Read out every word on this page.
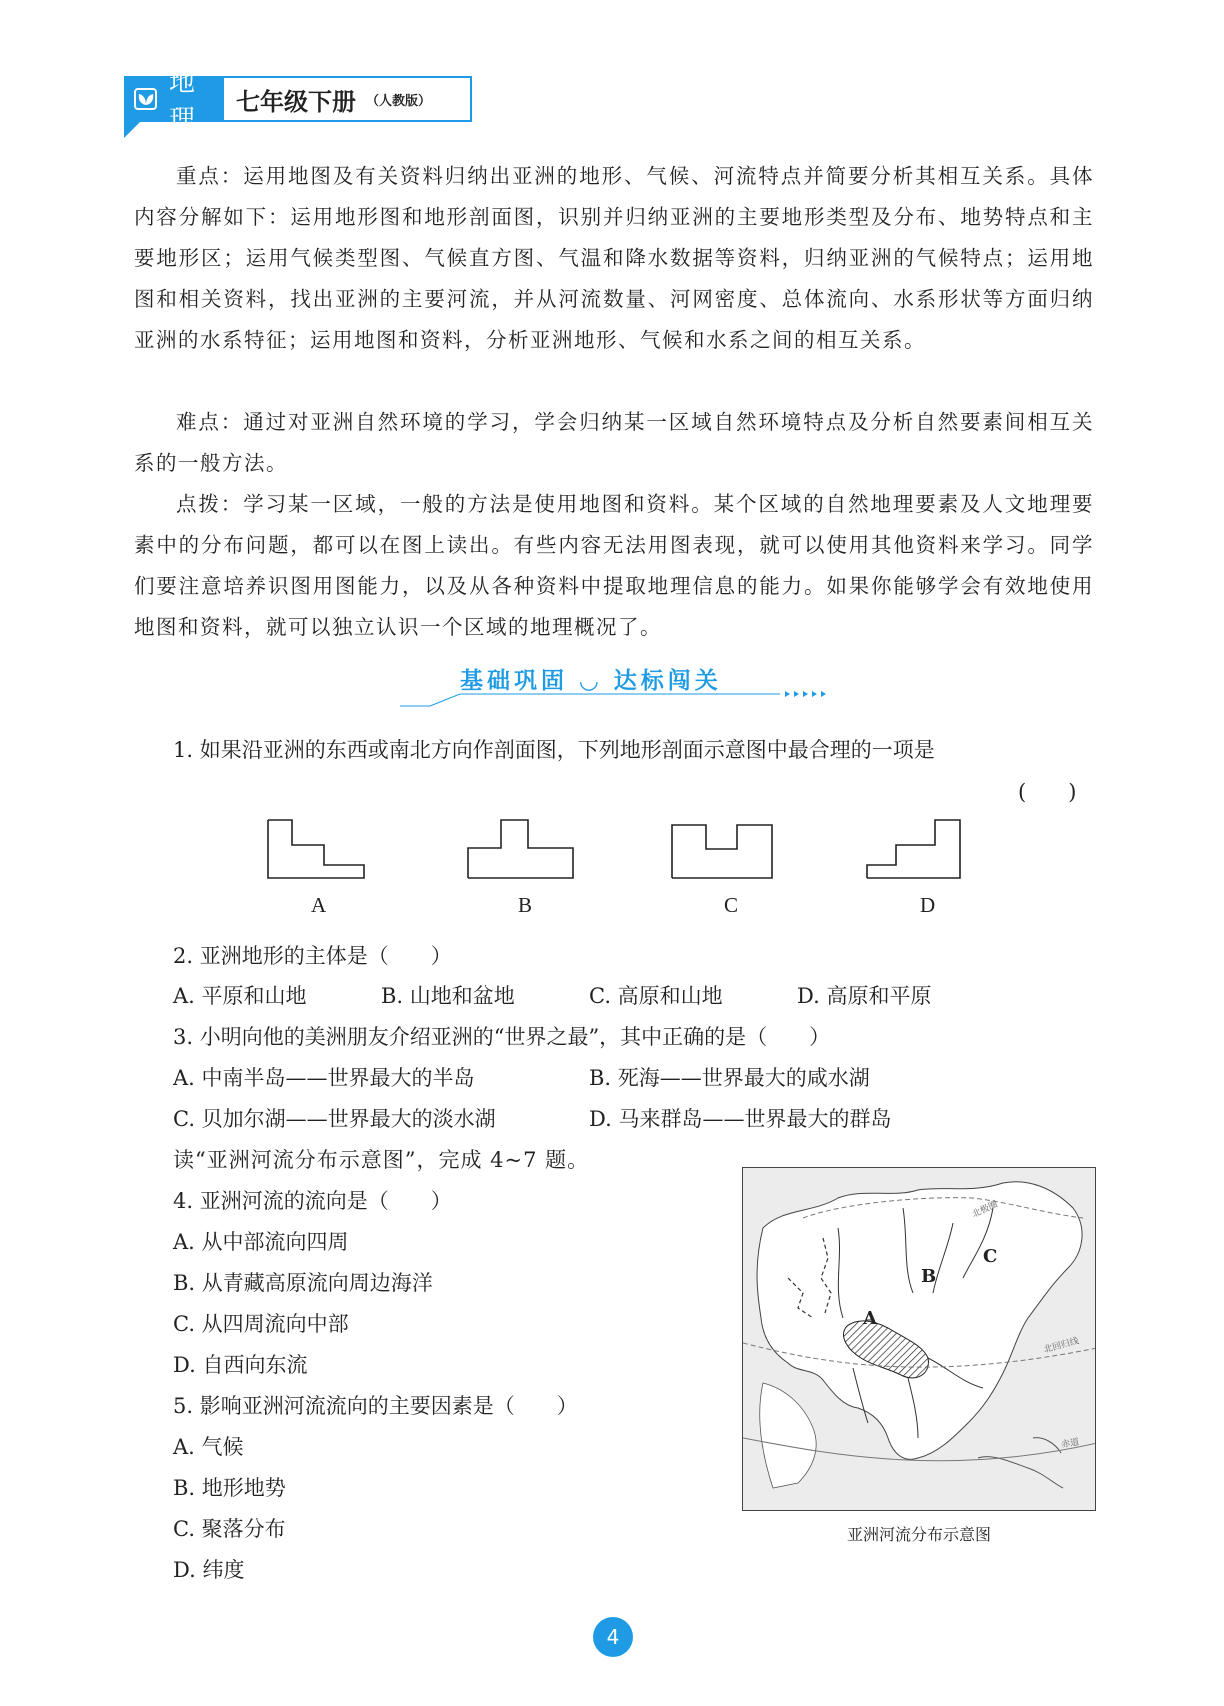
地理
七年级下册 （人教版）

重点：运用地图及有关资料归纳出亚洲的地形、气候、河流特点并简要分析其相互关系。具体内容分解如下：运用地形图和地形剖面图，识别并归纳亚洲的主要地形类型及分布、地势特点和主要地形区；运用气候类型图、气候直方图、气温和降水数据等资料，归纳亚洲的气候特点；运用地图和相关资料，找出亚洲的主要河流，并从河流数量、河网密度、总体流向、水系形状等方面归纳亚洲的水系特征；运用地图和资料，分析亚洲地形、气候和水系之间的相互关系。

难点：通过对亚洲自然环境的学习，学会归纳某一区域自然环境特点及分析自然要素间相互关系的一般方法。

点拨：学习某一区域，一般的方法是使用地图和资料。某个区域的自然地理要素及人文地理要素中的分布问题，都可以在图上读出。有些内容无法用图表现，就可以使用其他资料来学习。同学们要注意培养识图用图能力，以及从各种资料中提取地理信息的能力。如果你能够学会有效地使用地图和资料，就可以独立认识一个区域的地理概况了。

基础巩固 ◡ 达标闯关

1. 如果沿亚洲的东西或南北方向作剖面图，下列地形剖面示意图中最合理的一项是

(　　)
A	B	C	D

2. 亚洲地形的主体是（　　）

A. 平原和山地	B. 山地和盆地	C. 高原和山地	D. 高原和平原

3. 小明向他的美洲朋友介绍亚洲的“世界之最”，其中正确的是（　　）

A. 中南半岛——世界最大的半岛	B. 死海——世界最大的咸水湖
C. 贝加尔湖——世界最大的淡水湖	D. 马来群岛——世界最大的群岛

读“亚洲河流分布示意图”，完成 4~7 题。

4. 亚洲河流的流向是（　　）

A. 从中部流向四周
B. 从青藏高原流向周边海洋
C. 从四周流向中部
D. 自西向东流

5. 影响亚洲河流流向的主要因素是（　　）

A. 气候
B. 地形地势
C. 聚落分布
D. 纬度
A
B
C
北极圈
北回归线
赤道
亚洲河流分布示意图
4
